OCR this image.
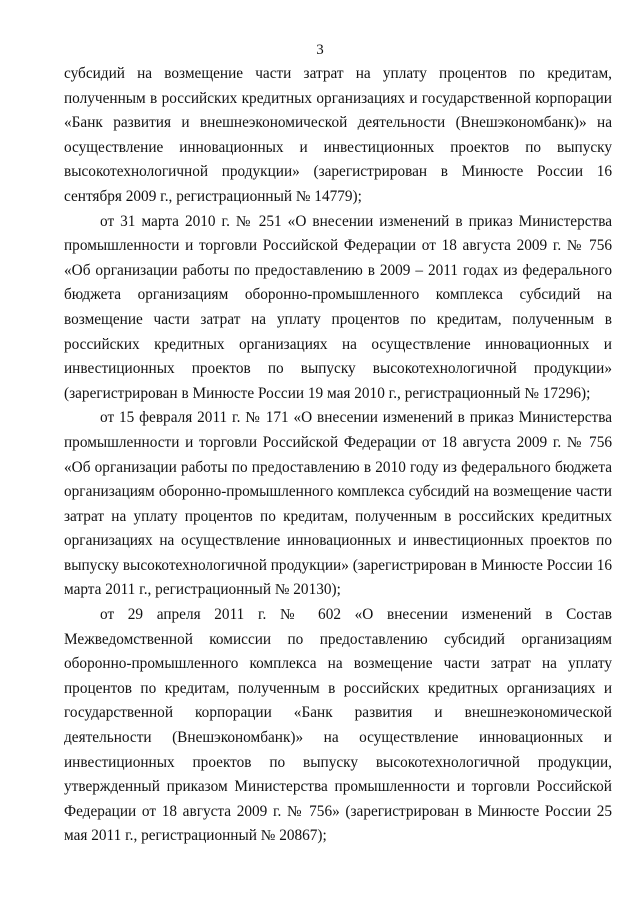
3

субсидий на возмещение части затрат на уплату процентов по кредитам, полученным в российских кредитных организациях и государственной корпорации «Банк развития и внешнеэкономической деятельности (Внешэкономбанк)» на осуществление инновационных и инвестиционных проектов по выпуску высокотехнологичной продукции» (зарегистрирован в Минюсте России 16 сентября 2009 г., регистрационный № 14779);

от 31 марта 2010 г. № 251 «О внесении изменений в приказ Министерства промышленности и торговли Российской Федерации от 18 августа 2009 г. № 756 «Об организации работы по предоставлению в 2009 – 2011 годах из федерального бюджета организациям оборонно-промышленного комплекса субсидий на возмещение части затрат на уплату процентов по кредитам, полученным в российских кредитных организациях на осуществление инновационных и инвестиционных проектов по выпуску высокотехнологичной продукции» (зарегистрирован в Минюсте России 19 мая 2010 г., регистрационный № 17296);

от 15 февраля 2011 г. № 171 «О внесении изменений в приказ Министерства промышленности и торговли Российской Федерации от 18 августа 2009 г. № 756 «Об организации работы по предоставлению в 2010 году из федерального бюджета организациям оборонно-промышленного комплекса субсидий на возмещение части затрат на уплату процентов по кредитам, полученным в российских кредитных организациях на осуществление инновационных и инвестиционных проектов по выпуску высокотехнологичной продукции» (зарегистрирован в Минюсте России 16 марта 2011 г., регистрационный № 20130);

от 29 апреля 2011 г. № 602 «О внесении изменений в Состав Межведомственной комиссии по предоставлению субсидий организациям оборонно-промышленного комплекса на возмещение части затрат на уплату процентов по кредитам, полученным в российских кредитных организациях и государственной корпорации «Банк развития и внешнеэкономической деятельности (Внешэкономбанк)» на осуществление инновационных и инвестиционных проектов по выпуску высокотехнологичной продукции, утвержденный приказом Министерства промышленности и торговли Российской Федерации от 18 августа 2009 г. № 756» (зарегистрирован в Минюсте России 25 мая 2011 г., регистрационный № 20867);
